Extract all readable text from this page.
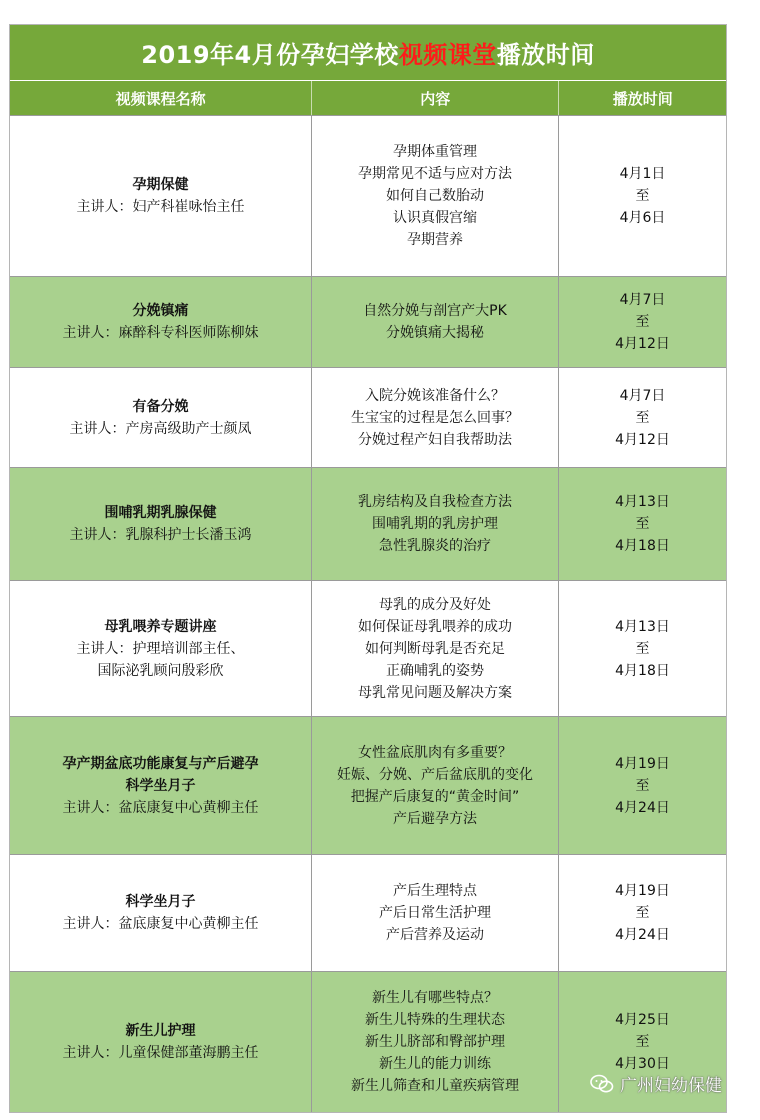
2019年4月份孕妇学校视频课堂播放时间
视频课程名称	内容	播放时间
孕期保健
主讲人：妇产科崔咏怡主任
孕期体重管理
孕期常见不适与应对方法
如何自己数胎动
认识真假宫缩
孕期营养
4月1日
至
4月6日
分娩镇痛
主讲人：麻醉科专科医师陈柳妹
自然分娩与剖宫产大PK
分娩镇痛大揭秘
4月7日
至
4月12日
有备分娩
主讲人：产房高级助产士颜凤
入院分娩该准备什么？
生宝宝的过程是怎么回事？
分娩过程产妇自我帮助法
4月7日
至
4月12日
围哺乳期乳腺保健
主讲人：乳腺科护士长潘玉鸿
乳房结构及自我检查方法
围哺乳期的乳房护理
急性乳腺炎的治疗
4月13日
至
4月18日
母乳喂养专题讲座
主讲人：护理培训部主任、
国际泌乳顾问殷彩欣
母乳的成分及好处
如何保证母乳喂养的成功
如何判断母乳是否充足
正确哺乳的姿势
母乳常见问题及解决方案
4月13日
至
4月18日
孕产期盆底功能康复与产后避孕
科学坐月子
主讲人：盆底康复中心黄柳主任
女性盆底肌肉有多重要？
妊娠、分娩、产后盆底肌的变化
把握产后康复的“黄金时间”
产后避孕方法
4月19日
至
4月24日
科学坐月子
主讲人：盆底康复中心黄柳主任
产后生理特点
产后日常生活护理
产后营养及运动
4月19日
至
4月24日
新生儿护理
主讲人：儿童保健部董海鹏主任
新生儿有哪些特点？
新生儿特殊的生理状态
新生儿脐部和臀部护理
新生儿的能力训练
新生儿筛查和儿童疾病管理
4月25日
至
4月30日
广州妇幼保健
